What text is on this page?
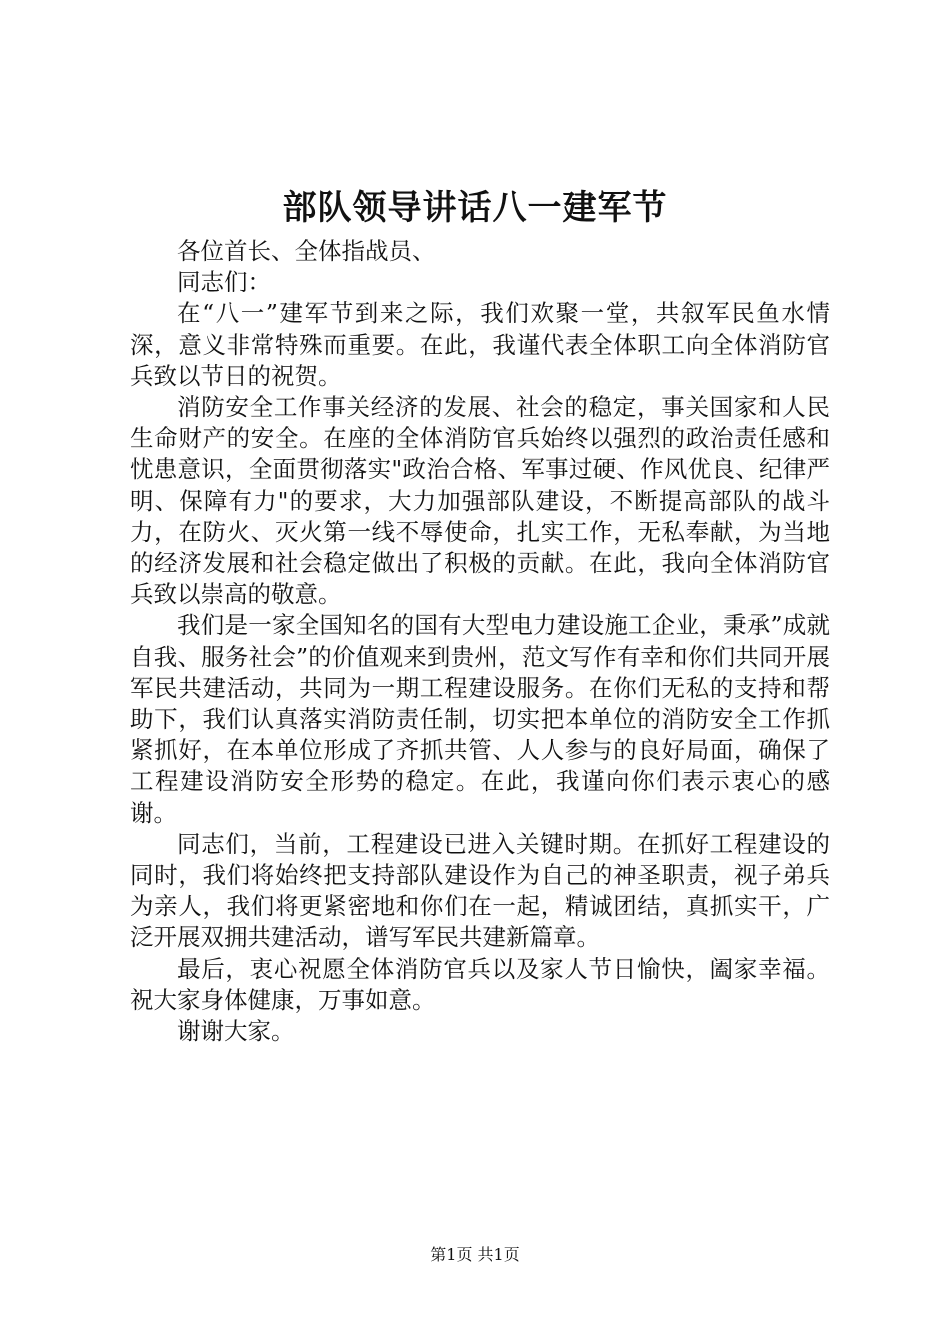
部队领导讲话八一建军节

各位首长、全体指战员、

同志们：

在“八一”建军节到来之际，我们欢聚一堂，共叙军民鱼水情深，意义非常特殊而重要。在此，我谨代表全体职工向全体消防官兵致以节日的祝贺。

消防安全工作事关经济的发展、社会的稳定，事关国家和人民生命财产的安全。在座的全体消防官兵始终以强烈的政治责任感和忧患意识，全面贯彻落实"政治合格、军事过硬、作风优良、纪律严明、保障有力"的要求，大力加强部队建设，不断提高部队的战斗力，在防火、灭火第一线不辱使命，扎实工作，无私奉献，为当地的经济发展和社会稳定做出了积极的贡献。在此，我向全体消防官兵致以崇高的敬意。

我们是一家全国知名的国有大型电力建设施工企业，秉承”成就自我、服务社会”的价值观来到贵州，范文写作有幸和你们共同开展军民共建活动，共同为一期工程建设服务。在你们无私的支持和帮助下，我们认真落实消防责任制，切实把本单位的消防安全工作抓紧抓好，在本单位形成了齐抓共管、人人参与的良好局面，确保了工程建设消防安全形势的稳定。在此，我谨向你们表示衷心的感谢。

同志们，当前，工程建设已进入关键时期。在抓好工程建设的同时，我们将始终把支持部队建设作为自己的神圣职责，视子弟兵为亲人，我们将更紧密地和你们在一起，精诚团结，真抓实干，广泛开展双拥共建活动，谱写军民共建新篇章。

最后，衷心祝愿全体消防官兵以及家人节日愉快，阖家幸福。祝大家身体健康，万事如意。

谢谢大家。

第1页 共1页
